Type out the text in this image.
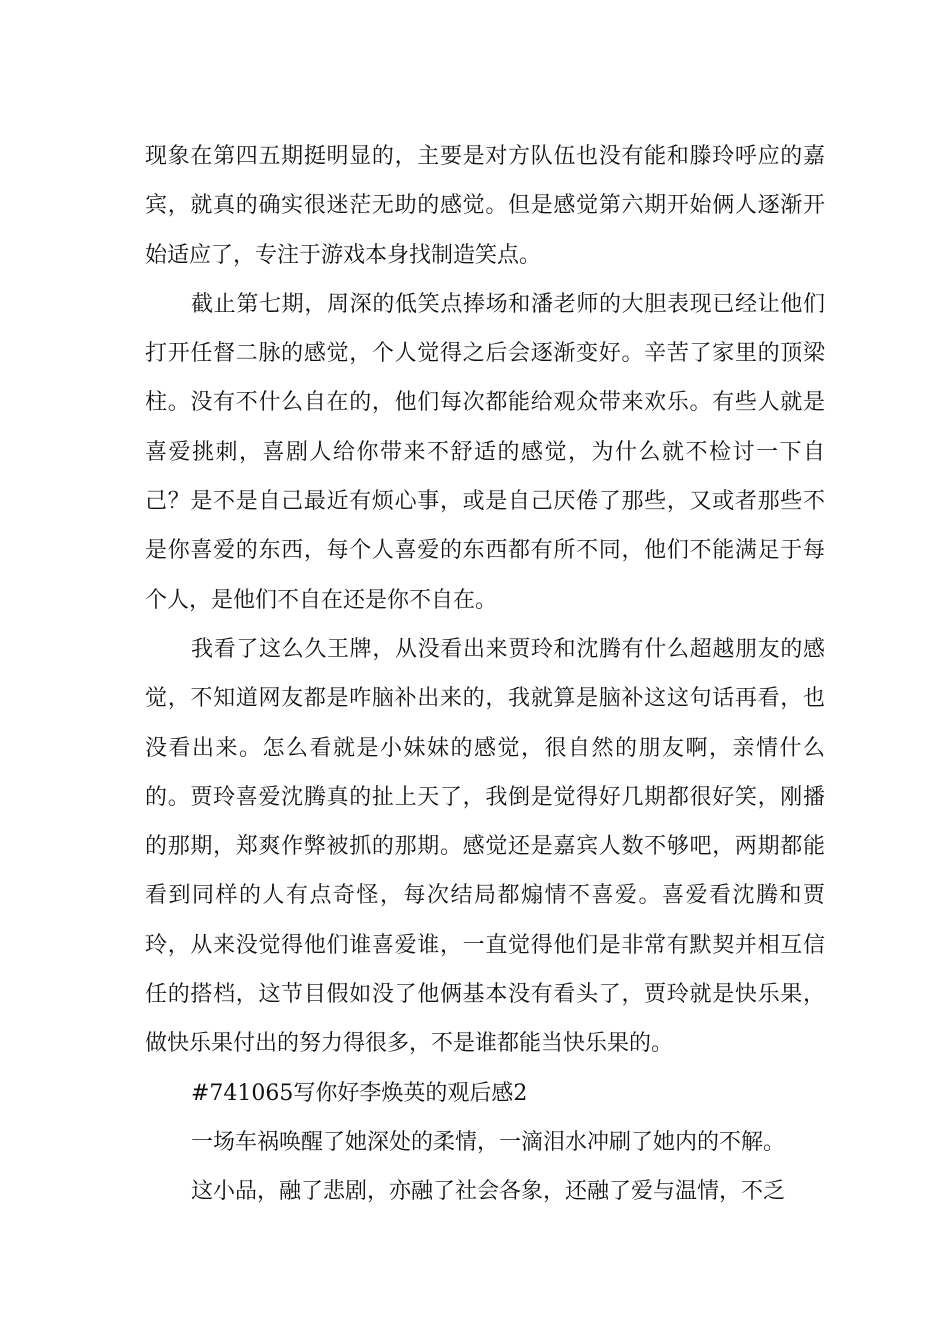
现象在第四五期挺明显的，主要是对方队伍也没有能和滕玲呼应的嘉宾，就真的确实很迷茫无助的感觉。但是感觉第六期开始俩人逐渐开始适应了，专注于游戏本身找制造笑点。

截止第七期，周深的低笑点捧场和潘老师的大胆表现已经让他们打开任督二脉的感觉，个人觉得之后会逐渐变好。辛苦了家里的顶梁柱。没有不什么自在的，他们每次都能给观众带来欢乐。有些人就是喜爱挑刺，喜剧人给你带来不舒适的感觉，为什么就不检讨一下自己？是不是自己最近有烦心事，或是自己厌倦了那些，又或者那些不是你喜爱的东西，每个人喜爱的东西都有所不同，他们不能满足于每个人，是他们不自在还是你不自在。

我看了这么久王牌，从没看出来贾玲和沈腾有什么超越朋友的感觉，不知道网友都是咋脑补出来的，我就算是脑补这这句话再看，也没看出来。怎么看就是小妹妹的感觉，很自然的朋友啊，亲情什么的。贾玲喜爱沈腾真的扯上天了，我倒是觉得好几期都很好笑，刚播的那期，郑爽作弊被抓的那期。感觉还是嘉宾人数不够吧，两期都能看到同样的人有点奇怪，每次结局都煽情不喜爱。喜爱看沈腾和贾玲，从来没觉得他们谁喜爱谁，一直觉得他们是非常有默契并相互信任的搭档，这节目假如没了他俩基本没有看头了，贾玲就是快乐果，做快乐果付出的努力得很多，不是谁都能当快乐果的。

#741065写你好李焕英的观后感2

一场车祸唤醒了她深处的柔情，一滴泪水冲刷了她内的不解。

这小品，融了悲剧，亦融了社会各象，还融了爱与温情，不乏
